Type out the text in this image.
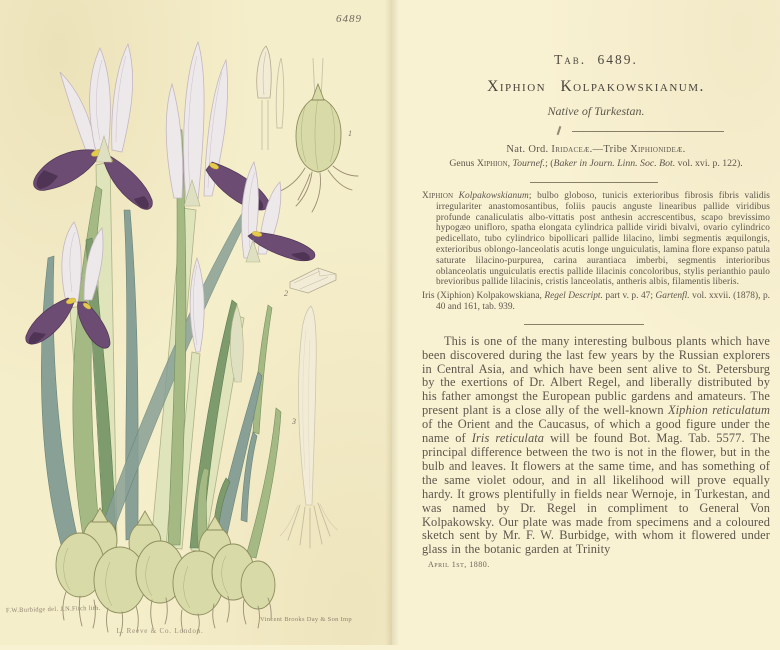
1
2
3
6489
F.W.Burbidge del. J.N.Fitch lith.
Vincent Brooks Day & Son Imp
L. Reeve & Co. London.
Tab. 6489.
Xiphion Kolpakowskianum.
Native of Turkestan.
Nat. Ord. Iridaceæ.—Tribe Xiphionideæ.
Genus Xiphion, Tournef.; (Baker in Journ. Linn. Soc. Bot. vol. xvi. p. 122).

Xiphion Kolpakowskianum; bulbo globoso, tunicis exterioribus fibrosis fibris validis irregulariter anastomosantibus, foliis paucis anguste linearibus pallide viridibus profunde canaliculatis albo-vittatis post anthesin accrescentibus, scapo brevissimo hypogæo unifloro, spatha elongata cylindrica pallide viridi bivalvi, ovario cylindrico pedicellato, tubo cylindrico bipollicari pallide lilacino, limbi segmentis æquilongis, exterioribus oblongo-lanceolatis acutis longe unguiculatis, lamina flore expanso patula saturate lilacino-purpurea, carina aurantiaca imberbi, segmentis interioribus oblanceolatis unguiculatis erectis pallide lilacinis concoloribus, stylis perianthio paulo brevioribus pallide lilacinis, cristis lanceolatis, antheris albis, filamentis liberis.

Iris (Xiphion) Kolpakowskiana, Regel Descript. part v. p. 47; Gartenfl. vol. xxvii. (1878), p. 40 and 161, tab. 939.

This is one of the many interesting bulbous plants which have been discovered during the last few years by the Russian explorers in Central Asia, and which have been sent alive to St. Petersburg by the exertions of Dr. Albert Regel, and liberally distributed by his father amongst the European public gardens and amateurs. The present plant is a close ally of the well-known Xiphion reticulatum of the Orient and the Caucasus, of which a good figure under the name of Iris reticulata will be found Bot. Mag. Tab. 5577. The principal difference between the two is not in the flower, but in the bulb and leaves. It flowers at the same time, and has something of the same violet odour, and in all likelihood will prove equally hardy. It grows plentifully in fields near Wernoje, in Turkestan, and was named by Dr. Regel in compliment to General Von Kolpakowsky. Our plate was made from specimens and a coloured sketch sent by Mr. F. W. Burbidge, with whom it flowered under glass in the botanic garden at Trinity

April 1st, 1880.
